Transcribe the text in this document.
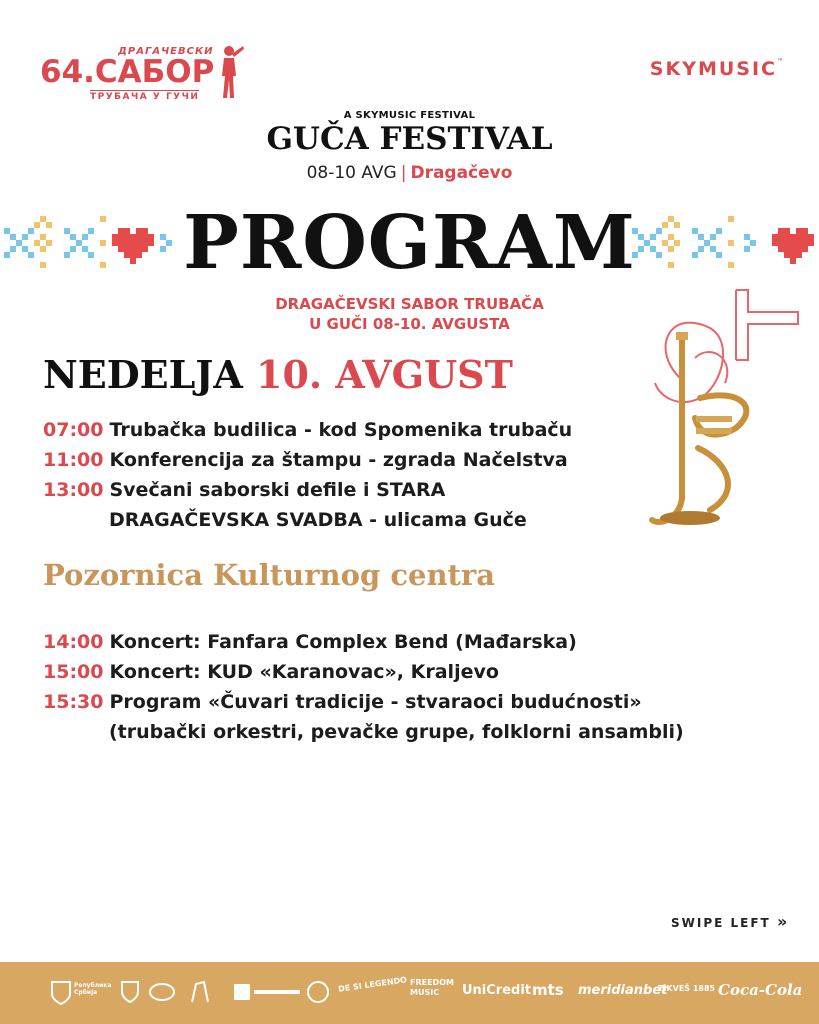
ДРАГАЧЕВСКИ
64.САБОР
ТРУБАЧА У ГУЧИ
SKYMUSIC™
A SKYMUSIC FESTIVAL
GUČA FESTIVAL
08-10 AVG | Dragačevo
PROGRAM
DRAGAČEVSKI SABOR TRUBAČA
U GUČI 08-10. AVGUSTA
NEDELJA 10. AVGUST
07:00 Trubačka budilica - kod Spomenika trubaču
11:00 Konferencija za štampu - zgrada Načelstva
13:00 Svečani saborski defile i STARA
DRAGAČEVSKA SVADBA - ulicama Guče
Pozornica Kulturnog centra
14:00 Koncert: Fanfara Complex Bend (Mađarska)
15:00 Koncert: KUD «Karanovac», Kraljevo
15:30 Program «Čuvari tradicije - stvaraoci budućnosti»
(trubački orkestri, pevačke grupe, folklorni ansambli)
SWIPE LEFT »
Република Србија	DE SI LEGENDO FREEDOM MUSIC	UniCredit mts meridianbet
TIKVEŠ 1885 Coca-Cola
